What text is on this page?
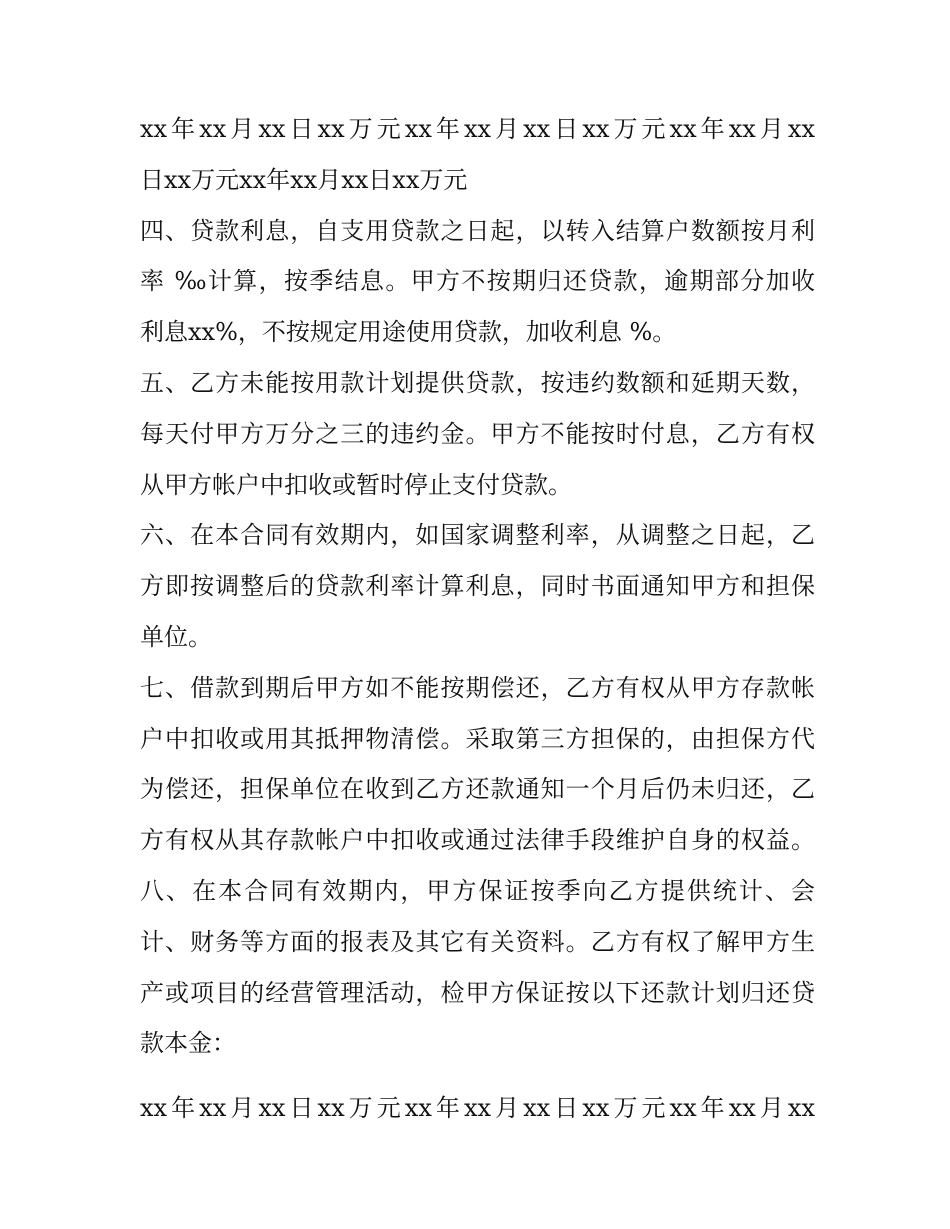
xx年xx月xx日xx万元xx年xx月xx日xx万元xx年xx月xx
日xx万元xx年xx月xx日xx万元
四、贷款利息，自支用贷款之日起，以转入结算户数额按月利
率 ‰计算，按季结息。甲方不按期归还贷款，逾期部分加收
利息xx%，不按规定用途使用贷款，加收利息 %。
五、乙方未能按用款计划提供贷款，按违约数额和延期天数，
每天付甲方万分之三的违约金。甲方不能按时付息，乙方有权
从甲方帐户中扣收或暂时停止支付贷款。
六、在本合同有效期内，如国家调整利率，从调整之日起，乙
方即按调整后的贷款利率计算利息，同时书面通知甲方和担保
单位。
七、借款到期后甲方如不能按期偿还，乙方有权从甲方存款帐
户中扣收或用其抵押物清偿。采取第三方担保的，由担保方代
为偿还，担保单位在收到乙方还款通知一个月后仍未归还，乙
方有权从其存款帐户中扣收或通过法律手段维护自身的权益。
八、在本合同有效期内，甲方保证按季向乙方提供统计、会
计、财务等方面的报表及其它有关资料。乙方有权了解甲方生
产或项目的经营管理活动，检甲方保证按以下还款计划归还贷
款本金：
xx年xx月xx日xx万元xx年xx月xx日xx万元xx年xx月xx
